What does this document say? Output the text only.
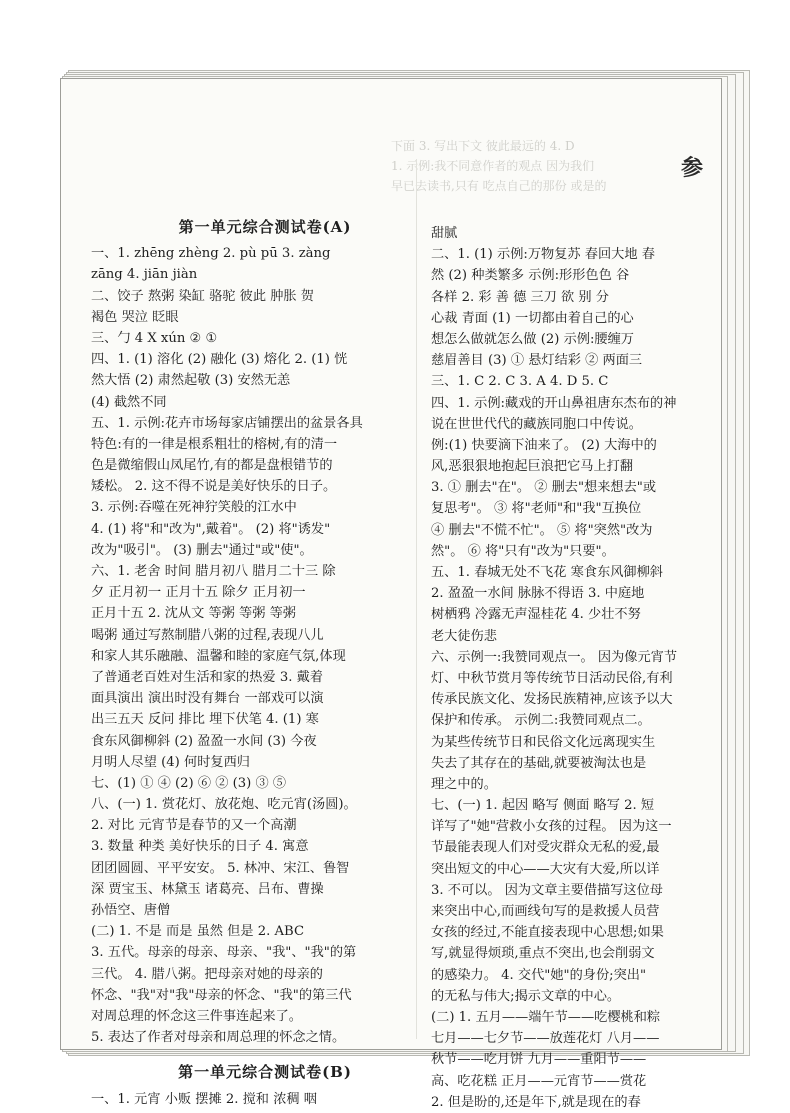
下面 3. 写出下文 彼此最远的 4. D
1. 示例:我不同意作者的观点 因为我们
早已去读书,只有 吃点自己的那份 或是的
参
第一单元综合测试卷(A)
一、1. zhēng zhèng 2. pù pū 3. zàng
zāng 4. jiān jiàn
二、饺子 熬粥 染缸 骆驼 彼此 肿胀 贺
褐色 哭泣 眨眼
三、勹 4 X xún ② ①
四、1. (1) 溶化 (2) 融化 (3) 熔化 2. (1) 恍
然大悟 (2) 肃然起敬 (3) 安然无恙
(4) 截然不同
五、1. 示例:花卉市场每家店铺摆出的盆景各具
特色:有的一律是根系粗壮的榕树,有的清一
色是微缩假山凤尾竹,有的都是盘根错节的
矮松。 2. 这不得不说是美好快乐的日子。
3. 示例:吞噬在死神狞笑般的江水中
4. (1) 将"和"改为",戴着"。 (2) 将"诱发"
改为"吸引"。 (3) 删去"通过"或"使"。
六、1. 老舍 时间 腊月初八 腊月二十三 除
夕 正月初一 正月十五 除夕 正月初一
正月十五 2. 沈从文 等粥 等粥 等粥
喝粥 通过写熬制腊八粥的过程,表现八儿
和家人其乐融融、温馨和睦的家庭气氛,体现
了普通老百姓对生活和家的热爱 3. 戴着
面具演出 演出时没有舞台 一部戏可以演
出三五天 反问 排比 埋下伏笔 4. (1) 寒
食东风御柳斜 (2) 盈盈一水间 (3) 今夜
月明人尽望 (4) 何时复西归
七、(1) ① ④ (2) ⑥ ② (3) ③ ⑤
八、(一) 1. 赏花灯、放花炮、吃元宵(汤圆)。
2. 对比 元宵节是春节的又一个高潮
3. 数量 种类 美好快乐的日子 4. 寓意
团团圆圆、平平安安。 5. 林冲、宋江、鲁智
深 贾宝玉、林黛玉 诸葛亮、吕布、曹操
孙悟空、唐僧
(二) 1. 不是 而是 虽然 但是 2. ABC
3. 五代。母亲的母亲、母亲、"我"、"我"的第
三代。 4. 腊八粥。把母亲对她的母亲的
怀念、"我"对"我"母亲的怀念、"我"的第三代
对周总理的怀念这三件事连起来了。
5. 表达了作者对母亲和周总理的怀念之情。
第一单元综合测试卷(B)
一、1. 元宵 小贩 摆摊 2. 搅和 浓稠 咽
甜腻
二、1. (1) 示例:万物复苏 春回大地 春
然 (2) 种类繁多 示例:形形色色 谷
各样 2. 彩 善 德 三刀 欲 别 分
心裁 青面 (1) 一切都由着自己的心
想怎么做就怎么做 (2) 示例:腰缠万
慈眉善目 (3) ① 悬灯结彩 ② 两面三
三、1. C 2. C 3. A 4. D 5. C
四、1. 示例:藏戏的开山鼻祖唐东杰布的神
说在世世代代的藏族同胞口中传说。
例:(1) 快要滴下油来了。 (2) 大海中的
风,恶狠狠地抱起巨浪把它马上打翻
3. ① 删去"在"。 ② 删去"想来想去"或
复思考"。 ③ 将"老师"和"我"互换位
④ 删去"不慌不忙"。 ⑤ 将"突然"改为
然"。 ⑥ 将"只有"改为"只要"。
五、1. 春城无处不飞花 寒食东风御柳斜
2. 盈盈一水间 脉脉不得语 3. 中庭地
树栖鸦 冷露无声湿桂花 4. 少壮不努
老大徒伤悲
六、示例一:我赞同观点一。 因为像元宵节
灯、中秋节赏月等传统节日活动民俗,有利
传承民族文化、发扬民族精神,应该予以大
保护和传承。 示例二:我赞同观点二。
为某些传统节日和民俗文化远离现实生
失去了其存在的基础,就要被淘汰也是
理之中的。
七、(一) 1. 起因 略写 侧面 略写 2. 短
详写了"她"营救小女孩的过程。 因为这一
节最能表现人们对受灾群众无私的爱,最
突出短文的中心——大灾有大爱,所以详
3. 不可以。 因为文章主要借描写这位母
来突出中心,而画线句写的是救援人员营
女孩的经过,不能直接表现中心思想;如果
写,就显得烦琐,重点不突出,也会削弱文
的感染力。 4. 交代"她"的身份;突出"
的无私与伟大;揭示文章的中心。
(二) 1. 五月——端午节——吃樱桃和粽
七月——七夕节——放莲花灯 八月——
秋节——吃月饼 九月——重阳节——
高、吃花糕 正月——元宵节——赏花
2. 但是盼的,还是年下,就是现在的春
